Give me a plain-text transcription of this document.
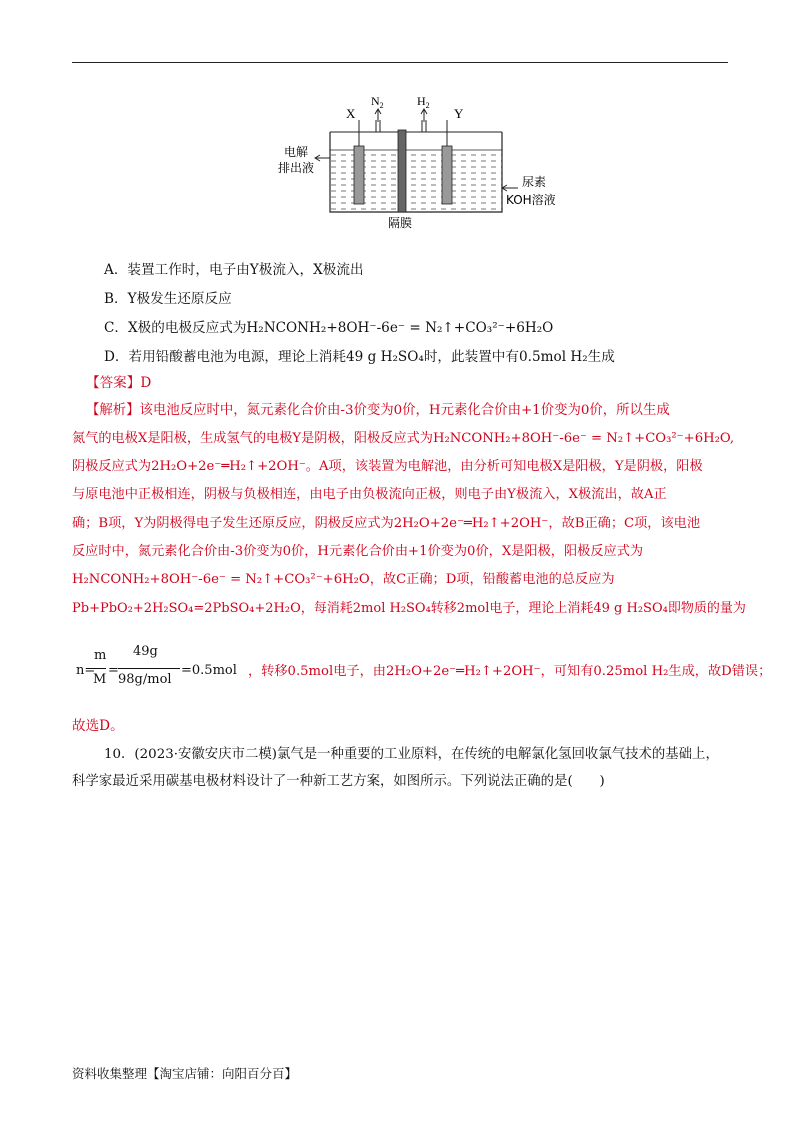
X
$N_2$	$H_2$
Y
电解
排出液
尿素
KOH溶液
隔膜
A．装置工作时，电子由Y极流入，X极流出
B．Y极发生还原反应
C．X极的电极反应式为H₂NCONH₂+8OH⁻-6e⁻ = N₂↑+CO₃²⁻+6H₂O
D．若用铅酸蓄电池为电源，理论上消耗49 g H₂SO₄时，此装置中有0.5mol H₂生成
【答案】D
【解析】该电池反应时中，氮元素化合价由-3价变为0价，H元素化合价由+1价变为0价，所以生成
氮气的电极X是阳极，生成氢气的电极Y是阴极，阳极反应式为H₂NCONH₂+8OH⁻-6e⁻ = N₂↑+CO₃²⁻+6H₂O,
阴极反应式为2H₂O+2e⁻═H₂↑+2OH⁻。A项，该装置为电解池，由分析可知电极X是阳极，Y是阴极，阳极
与原电池中正极相连，阴极与负极相连，由电子由负极流向正极，则电子由Y极流入，X极流出，故A正
确；B项，Y为阴极得电子发生还原反应，阴极反应式为2H₂O+2e⁻═H₂↑+2OH⁻，故B正确；C项，该电池
反应时中，氮元素化合价由-3价变为0价，H元素化合价由+1价变为0价，X是阳极，阳极反应式为
H₂NCONH₂+8OH⁻-6e⁻ = N₂↑+CO₃²⁻+6H₂O，故C正确；D项，铅酸蓄电池的总反应为
Pb+PbO₂+2H₂SO₄=2PbSO₄+2H₂O，每消耗2mol H₂SO₄转移2mol电子，理论上消耗49 g H₂SO₄即物质的量为
n=
m
M
=
49g
98g/mol
=0.5mol ，转移0.5mol电子，由2H₂O+2e⁻═H₂↑+2OH⁻，可知有0.25mol H₂生成，故D错误；
故选D。
10．(2023·安徽安庆市二模)氯气是一种重要的工业原料，在传统的电解氯化氢回收氯气技术的基础上，
科学家最近采用碳基电极材料设计了一种新工艺方案，如图所示。下列说法正确的是(　　)
资料收集整理【淘宝店铺：向阳百分百】
